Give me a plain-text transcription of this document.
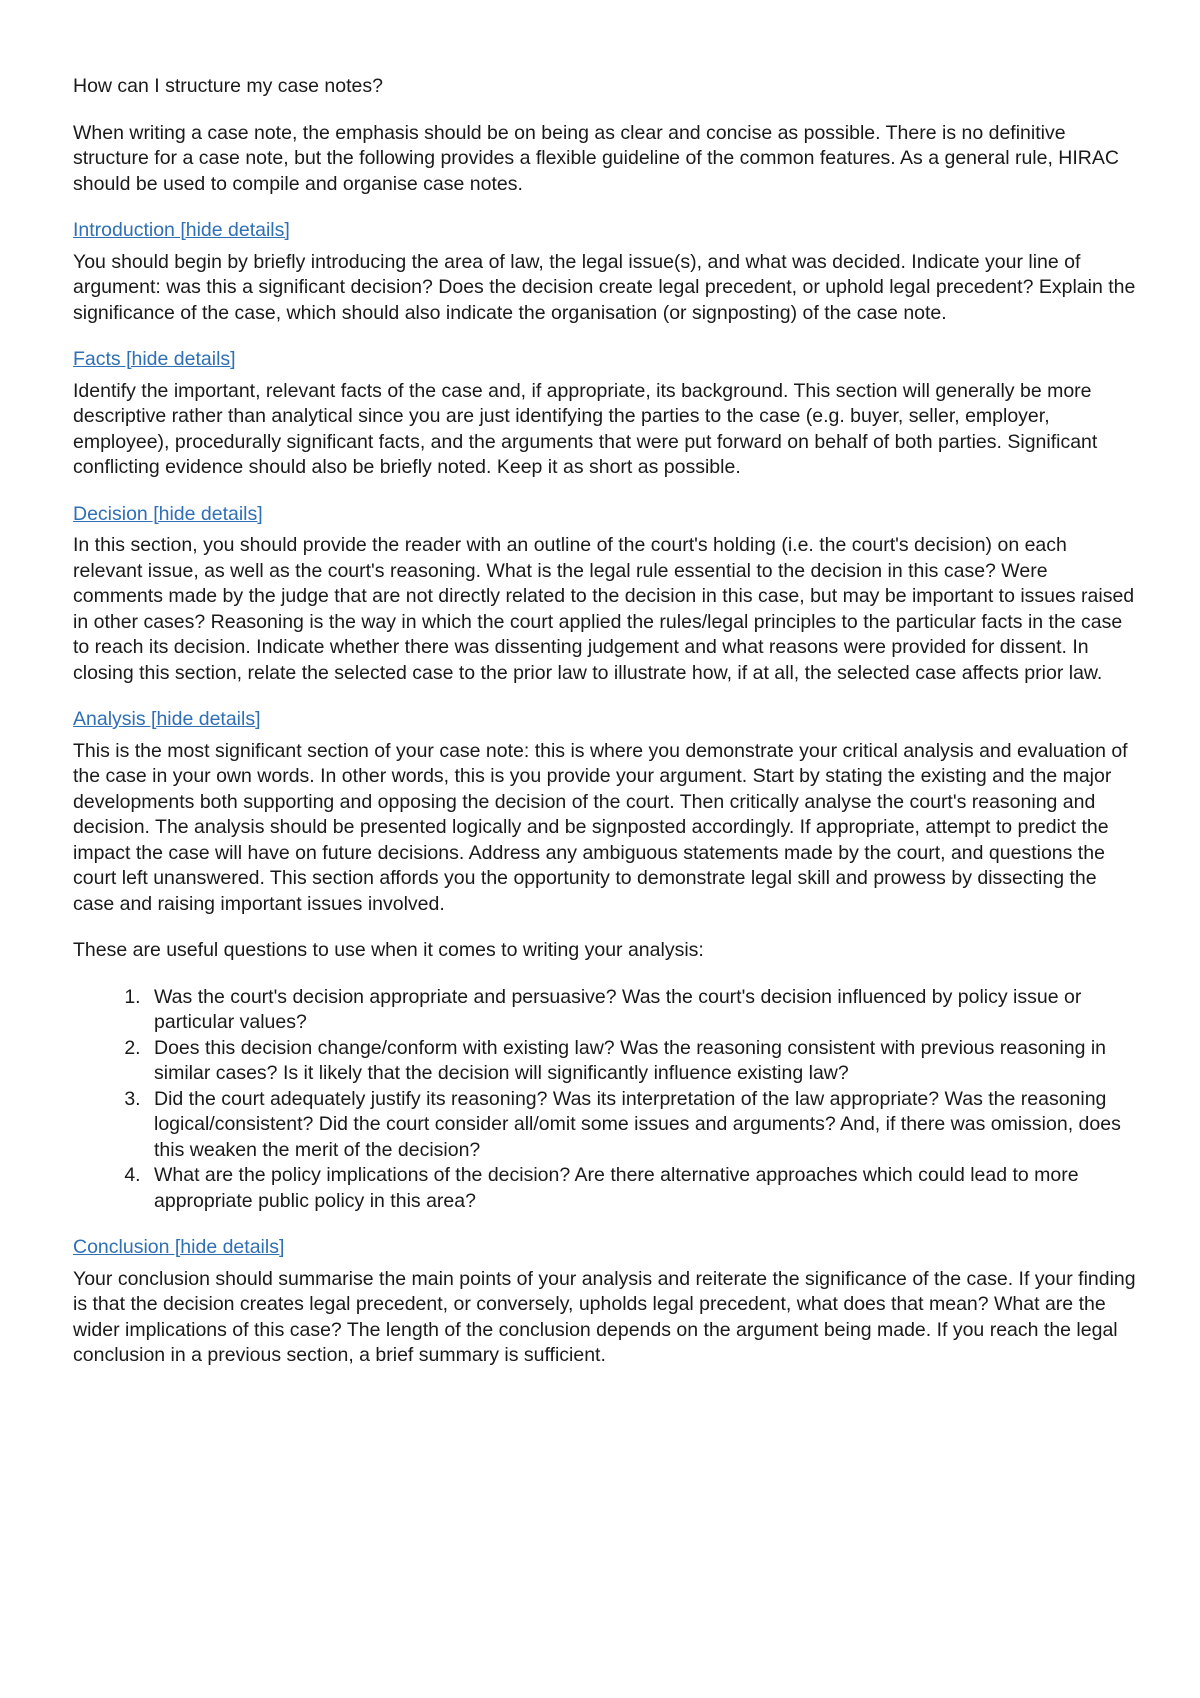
How can I structure my case notes?

When writing a case note, the emphasis should be on being as clear and concise as possible. There is no definitive structure for a case note, but the following provides a flexible guideline of the common features. As a general rule, HIRAC should be used to compile and organise case notes.

Introduction [hide details]

You should begin by briefly introducing the area of law, the legal issue(s), and what was decided. Indicate your line of argument: was this a significant decision? Does the decision create legal precedent, or uphold legal precedent? Explain the significance of the case, which should also indicate the organisation (or signposting) of the case note.

Facts [hide details]

Identify the important, relevant facts of the case and, if appropriate, its background. This section will generally be more descriptive rather than analytical since you are just identifying the parties to the case (e.g. buyer, seller, employer, employee), procedurally significant facts, and the arguments that were put forward on behalf of both parties. Significant conflicting evidence should also be briefly noted. Keep it as short as possible.

Decision [hide details]

In this section, you should provide the reader with an outline of the court's holding (i.e. the court's decision) on each relevant issue, as well as the court's reasoning. What is the legal rule essential to the decision in this case? Were comments made by the judge that are not directly related to the decision in this case, but may be important to issues raised in other cases? Reasoning is the way in which the court applied the rules/legal principles to the particular facts in the case to reach its decision. Indicate whether there was dissenting judgement and what reasons were provided for dissent. In closing this section, relate the selected case to the prior law to illustrate how, if at all, the selected case affects prior law.

Analysis [hide details]

This is the most significant section of your case note: this is where you demonstrate your critical analysis and evaluation of the case in your own words. In other words, this is you provide your argument. Start by stating the existing and the major developments both supporting and opposing the decision of the court. Then critically analyse the court's reasoning and decision. The analysis should be presented logically and be signposted accordingly. If appropriate, attempt to predict the impact the case will have on future decisions. Address any ambiguous statements made by the court, and questions the court left unanswered. This section affords you the opportunity to demonstrate legal skill and prowess by dissecting the case and raising important issues involved.

These are useful questions to use when it comes to writing your analysis:

1. Was the court's decision appropriate and persuasive? Was the court's decision influenced by policy issue or particular values?
2. Does this decision change/conform with existing law? Was the reasoning consistent with previous reasoning in similar cases? Is it likely that the decision will significantly influence existing law?
3. Did the court adequately justify its reasoning? Was its interpretation of the law appropriate? Was the reasoning logical/consistent? Did the court consider all/omit some issues and arguments? And, if there was omission, does this weaken the merit of the decision?
4. What are the policy implications of the decision? Are there alternative approaches which could lead to more appropriate public policy in this area?
Conclusion [hide details]

Your conclusion should summarise the main points of your analysis and reiterate the significance of the case. If your finding is that the decision creates legal precedent, or conversely, upholds legal precedent, what does that mean? What are the wider implications of this case? The length of the conclusion depends on the argument being made. If you reach the legal conclusion in a previous section, a brief summary is sufficient.
